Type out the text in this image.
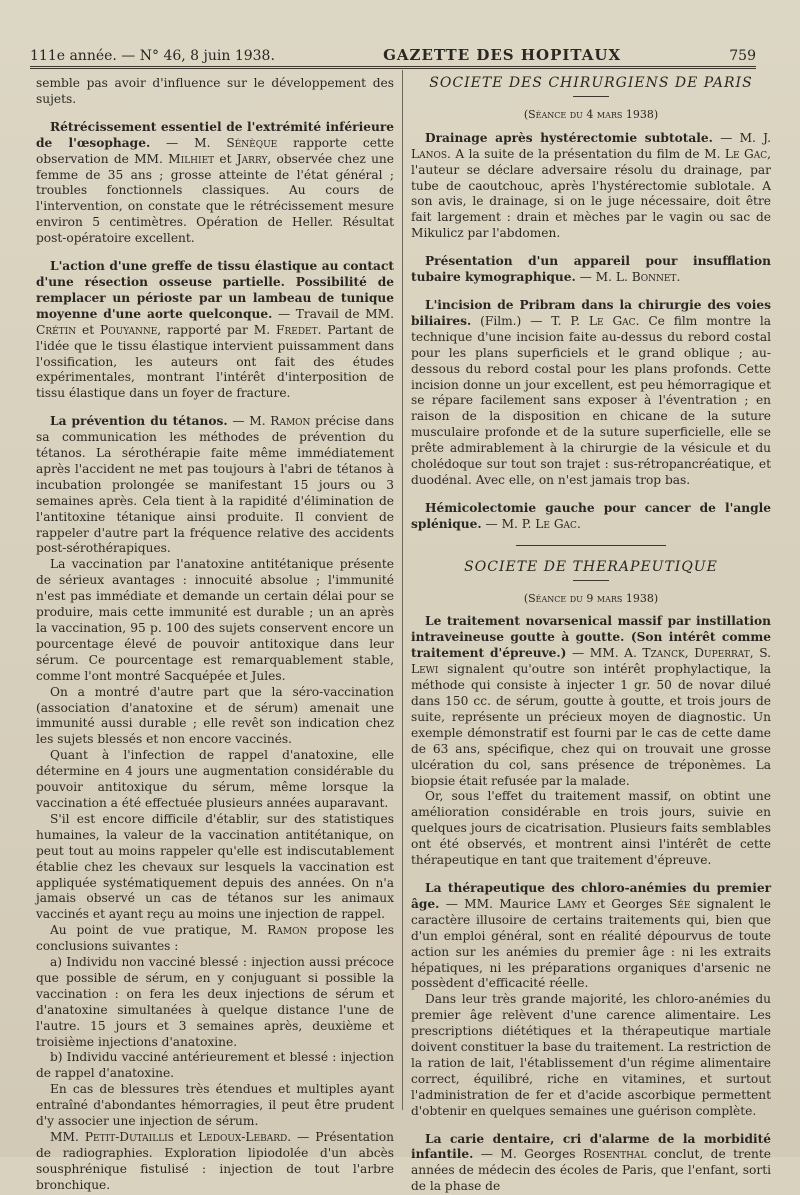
111e année. — N° 46, 8 juin 1938.	GAZETTE DES HOPITAUX	759

semble pas avoir d'influence sur le développement des sujets.

Rétrécissement essentiel de l'extrémité inférieure de l'œsophage. — M. Sénèque rapporte cette observation de MM. Milhiet et Jarry, observée chez une femme de 35 ans ; grosse atteinte de l'état général ; troubles fonctionnels classiques. Au cours de l'intervention, on constate que le rétrécissement mesure environ 5 centimètres. Opération de Heller. Résultat post-opératoire excellent.

L'action d'une greffe de tissu élastique au contact d'une résection osseuse partielle. Possibilité de remplacer un périoste par un lambeau de tunique moyenne d'une aorte quelconque. — Travail de MM. Crétin et Pouyanne, rapporté par M. Fredet. Partant de l'idée que le tissu élastique intervient puissamment dans l'ossification, les auteurs ont fait des études expérimentales, montrant l'intérêt d'interposition de tissu élastique dans un foyer de fracture.

La prévention du tétanos. — M. Ramon précise dans sa communication les méthodes de prévention du tétanos. La sérothérapie faite même immédiatement après l'accident ne met pas toujours à l'abri de tétanos à incubation prolongée se manifestant 15 jours ou 3 semaines après. Cela tient à la rapidité d'élimination de l'antitoxine tétanique ainsi produite. Il convient de rappeler d'autre part la fréquence relative des accidents post-sérothérapiques.

La vaccination par l'anatoxine antitétanique présente de sérieux avantages : innocuité absolue ; l'immunité n'est pas immédiate et demande un certain délai pour se produire, mais cette immunité est durable ; un an après la vaccination, 95 p. 100 des sujets conservent encore un pourcentage élevé de pouvoir antitoxique dans leur sérum. Ce pourcentage est remarquablement stable, comme l'ont montré Sacquépée et Jules.

On a montré d'autre part que la séro-vaccination (association d'anatoxine et de sérum) amenait une immunité aussi durable ; elle revêt son indication chez les sujets blessés et non encore vaccinés.

Quant à l'infection de rappel d'anatoxine, elle détermine en 4 jours une augmentation considérable du pouvoir antitoxique du sérum, même lorsque la vaccination a été effectuée plusieurs années auparavant.

S'il est encore difficile d'établir, sur des statistiques humaines, la valeur de la vaccination antitétanique, on peut tout au moins rappeler qu'elle est indiscutablement établie chez les chevaux sur lesquels la vaccination est appliquée systématiquement depuis des années. On n'a jamais observé un cas de tétanos sur les animaux vaccinés et ayant reçu au moins une injection de rappel.

Au point de vue pratique, M. Ramon propose les conclusions suivantes :

a) Individu non vacciné blessé : injection aussi précoce que possible de sérum, en y conjuguant si possible la vaccination : on fera les deux injections de sérum et d'anatoxine simultanées à quelque distance l'une de l'autre. 15 jours et 3 semaines après, deuxième et troisième injections d'anatoxine.

b) Individu vacciné antérieurement et blessé : injection de rappel d'anatoxine.

En cas de blessures très étendues et multiples ayant entraîné d'abondantes hémorragies, il peut être prudent d'y associer une injection de sérum.

MM. Petit-Dutaillis et Ledoux-Lebard. — Présentation de radiographies. Exploration lipiodolée d'un abcès sousphrénique fistulisé : injection de tout l'arbre bronchique.

SOCIETE DES CHIRURGIENS DE PARIS

(Séance du 4 mars 1938)

Drainage après hystérectomie subtotale. — M. J. Lanos. A la suite de la présentation du film de M. Le Gac, l'auteur se déclare adversaire résolu du drainage, par tube de caoutchouc, après l'hystérectomie sublotale. A son avis, le drainage, si on le juge nécessaire, doit être fait largement : drain et mèches par le vagin ou sac de Mikulicz par l'abdomen.

Présentation d'un appareil pour insufflation tubaire kymographique. — M. L. Bonnet.

L'incision de Pribram dans la chirurgie des voies biliaires. (Film.) — T. P. Le Gac. Ce film montre la technique d'une incision faite au-dessus du rebord costal pour les plans superficiels et le grand oblique ; au-dessous du rebord costal pour les plans profonds. Cette incision donne un jour excellent, est peu hémorragique et se répare facilement sans exposer à l'éventration ; en raison de la disposition en chicane de la suture musculaire profonde et de la suture superficielle, elle se prête admirablement à la chirurgie de la vésicule et du cholédoque sur tout son trajet : sus-rétropancréatique, et duodénal. Avec elle, on n'est jamais trop bas.

Hémicolectomie gauche pour cancer de l'angle splénique. — M. P. Le Gac.

SOCIETE DE THERAPEUTIQUE

(Séance du 9 mars 1938)

Le traitement novarsenical massif par instillation intraveineuse goutte à goutte. (Son intérêt comme traitement d'épreuve.) — MM. A. Tzanck, Duperrat, S. Lewi signalent qu'outre son intérêt prophylactique, la méthode qui consiste à injecter 1 gr. 50 de novar dilué dans 150 cc. de sérum, goutte à goutte, et trois jours de suite, représente un précieux moyen de diagnostic. Un exemple démonstratif est fourni par le cas de cette dame de 63 ans, spécifique, chez qui on trouvait une grosse ulcération du col, sans présence de tréponèmes. La biopsie était refusée par la malade.

Or, sous l'effet du traitement massif, on obtint une amélioration considérable en trois jours, suivie en quelques jours de cicatrisation. Plusieurs faits semblables ont été observés, et montrent ainsi l'intérêt de cette thérapeutique en tant que traitement d'épreuve.

La thérapeutique des chloro-anémies du premier âge. — MM. Maurice Lamy et Georges Sée signalent le caractère illusoire de certains traitements qui, bien que d'un emploi général, sont en réalité dépourvus de toute action sur les anémies du premier âge : ni les extraits hépatiques, ni les préparations organiques d'arsenic ne possèdent d'efficacité réelle.

Dans leur très grande majorité, les chloro-anémies du premier âge relèvent d'une carence alimentaire. Les prescriptions diététiques et la thérapeutique martiale doivent constituer la base du traitement. La restriction de la ration de lait, l'établissement d'un régime alimentaire correct, équilibré, riche en vitamines, et surtout l'administration de fer et d'acide ascorbique permettent d'obtenir en quelques semaines une guérison complète.

La carie dentaire, cri d'alarme de la morbidité infantile. — M. Georges Rosenthal conclut, de trente années de médecin des écoles de Paris, que l'enfant, sorti de la phase de
